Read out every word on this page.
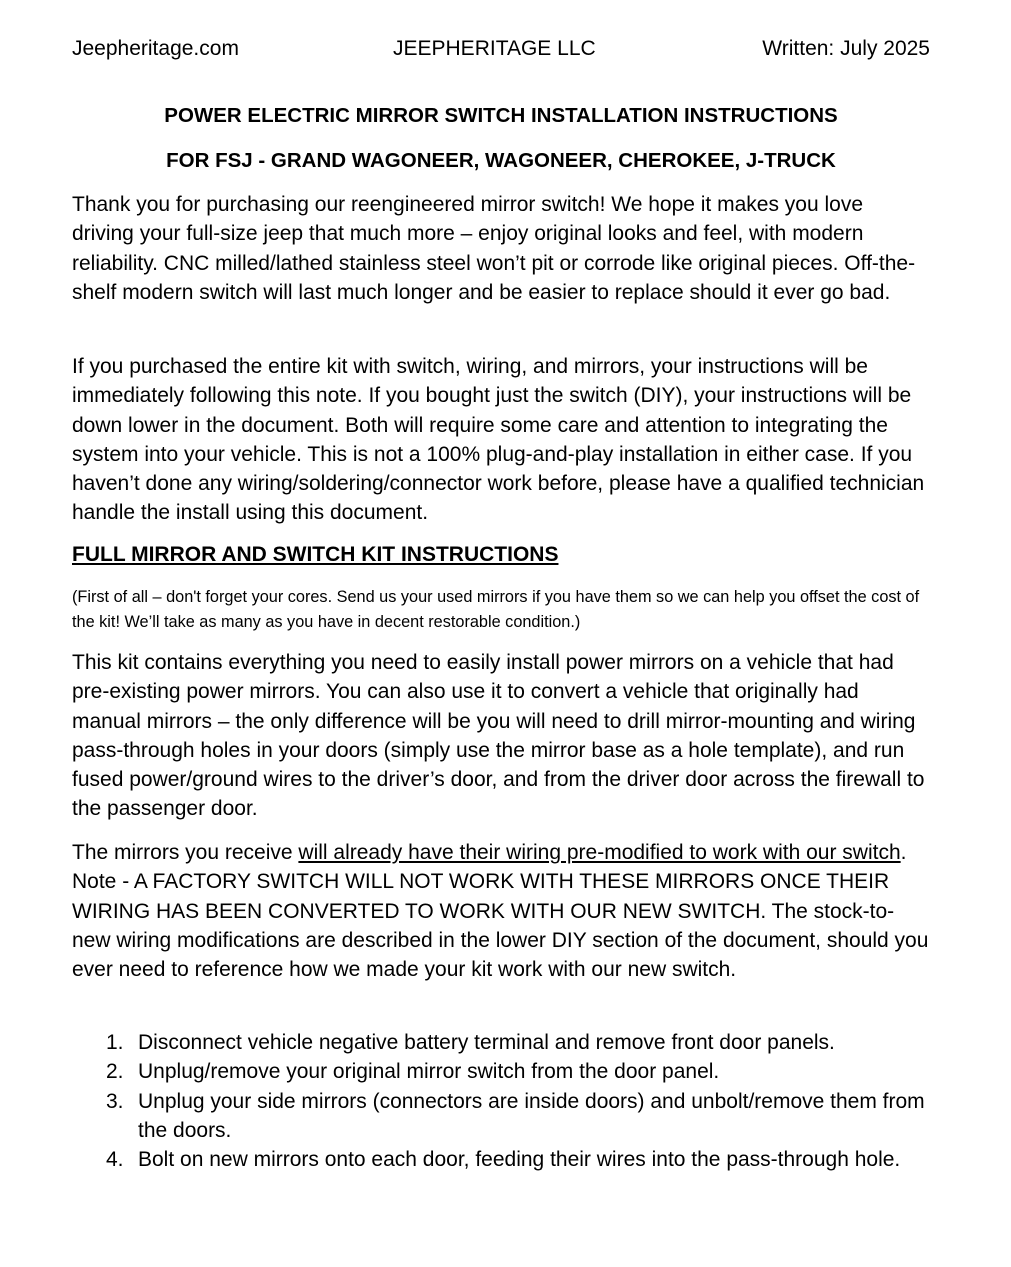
Jeepheritage.com	JEEPHERITAGE LLC	Written: July 2025
POWER ELECTRIC MIRROR SWITCH INSTALLATION INSTRUCTIONS
FOR FSJ - GRAND WAGONEER, WAGONEER, CHEROKEE, J-TRUCK

Thank you for purchasing our reengineered mirror switch! We hope it makes you love driving your full-size jeep that much more – enjoy original looks and feel, with modern reliability. CNC milled/lathed stainless steel won’t pit or corrode like original pieces. Off-the-shelf modern switch will last much longer and be easier to replace should it ever go bad.

If you purchased the entire kit with switch, wiring, and mirrors, your instructions will be immediately following this note. If you bought just the switch (DIY), your instructions will be down lower in the document. Both will require some care and attention to integrating the system into your vehicle. This is not a 100% plug-and-play installation in either case. If you haven’t done any wiring/soldering/connector work before, please have a qualified technician handle the install using this document.

FULL MIRROR AND SWITCH KIT INSTRUCTIONS

(First of all – don't forget your cores. Send us your used mirrors if you have them so we can help you offset the cost of the kit! We’ll take as many as you have in decent restorable condition.)

This kit contains everything you need to easily install power mirrors on a vehicle that had pre-existing power mirrors. You can also use it to convert a vehicle that originally had manual mirrors – the only difference will be you will need to drill mirror-mounting and wiring pass-through holes in your doors (simply use the mirror base as a hole template), and run fused power/ground wires to the driver’s door, and from the driver door across the firewall to the passenger door.

The mirrors you receive will already have their wiring pre-modified to work with our switch. Note - A FACTORY SWITCH WILL NOT WORK WITH THESE MIRRORS ONCE THEIR WIRING HAS BEEN CONVERTED TO WORK WITH OUR NEW SWITCH. The stock-to-new wiring modifications are described in the lower DIY section of the document, should you ever need to reference how we made your kit work with our new switch.

1. Disconnect vehicle negative battery terminal and remove front door panels.
2. Unplug/remove your original mirror switch from the door panel.
3. Unplug your side mirrors (connectors are inside doors) and unbolt/remove them from the doors.
4. Bolt on new mirrors onto each door, feeding their wires into the pass-through hole.
